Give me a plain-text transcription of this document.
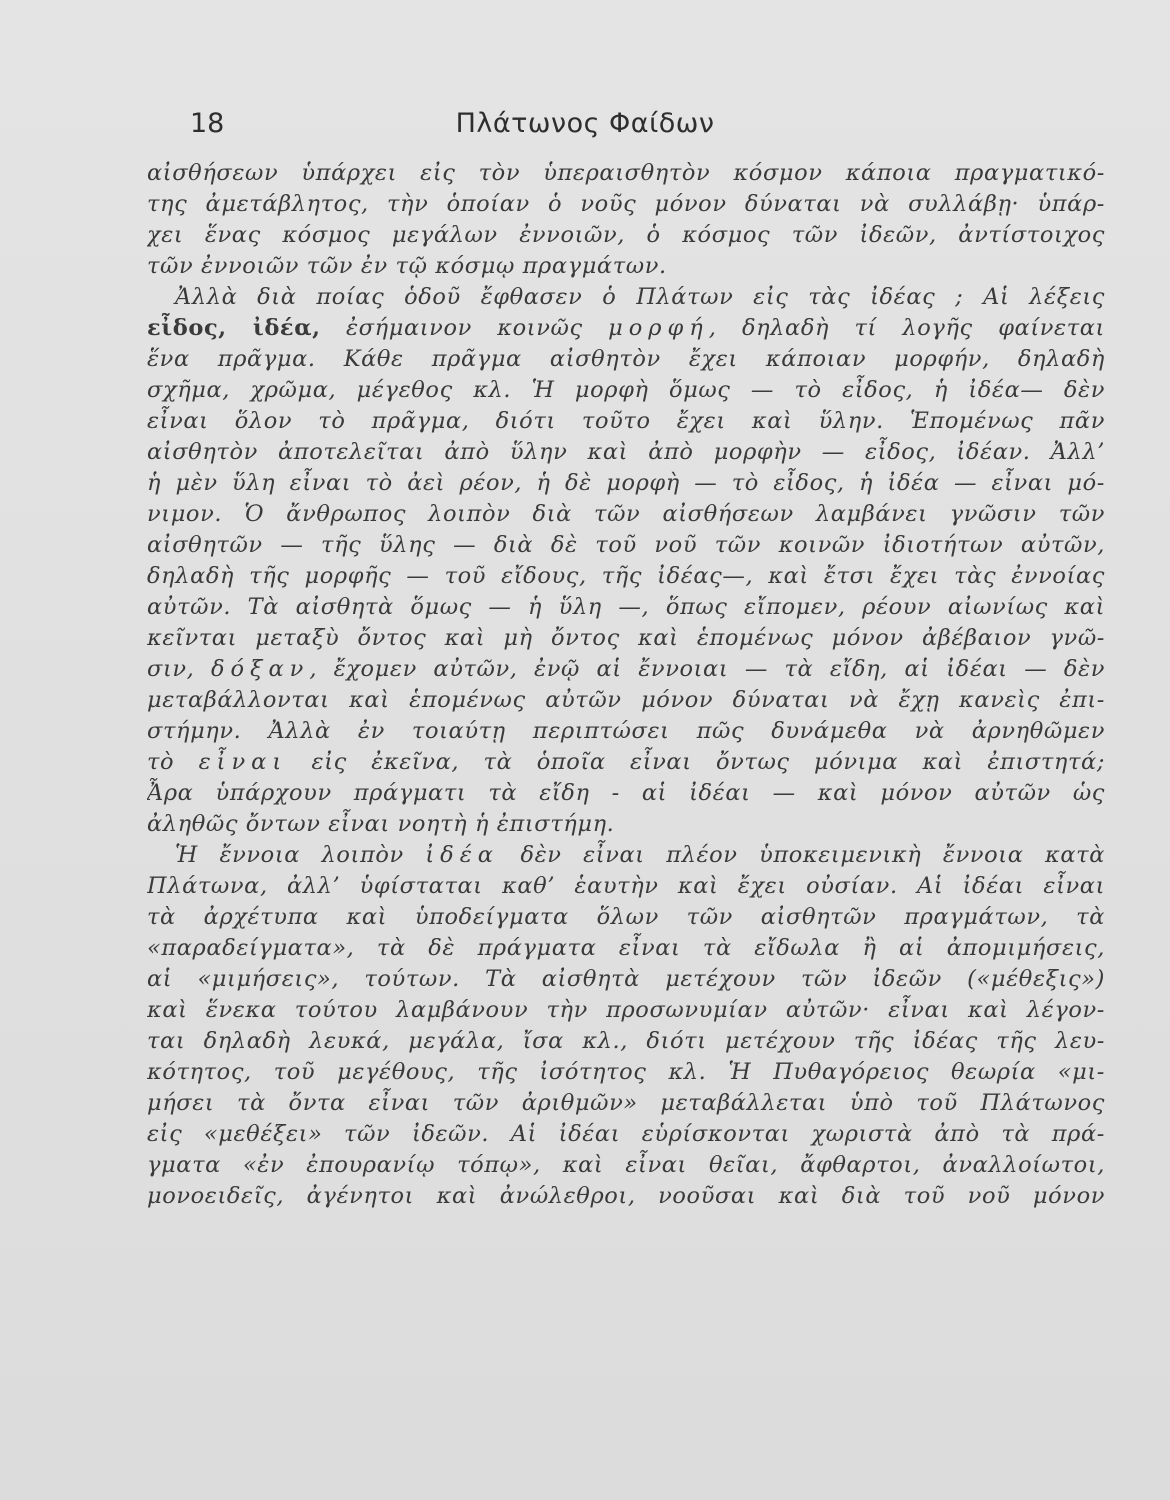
18	Πλάτωνος Φαίδων
αἰσθήσεων ὑπάρχει εἰς τὸν ὑπεραισθητὸν κόσμον κάποια πραγματικό-
της ἀμετάβλητος, τὴν ὁποίαν ὁ νοῦς μόνον δύναται νὰ συλλάβῃ· ὑπάρ-
χει ἕνας κόσμος μεγάλων ἐννοιῶν, ὁ κόσμος τῶν ἰδεῶν, ἀντίστοιχος
τῶν ἐννοιῶν τῶν ἐν τῷ κόσμῳ πραγμάτων.
Ἀλλὰ διὰ ποίας ὁδοῦ ἔφθασεν ὁ Πλάτων εἰς τὰς ἰδέας ; Αἱ λέξεις
εἶδος, ἰδέα, ἐσήμαινον κοινῶς μορφή, δηλαδὴ τί λογῆς φαίνεται
ἕνα πρᾶγμα. Κάθε πρᾶγμα αἰσθητὸν ἔχει κάποιαν μορφήν, δηλαδὴ
σχῆμα, χρῶμα, μέγεθος κλ. Ἡ μορφὴ ὅμως — τὸ εἶδος, ἡ ἰδέα— δὲν
εἶναι ὅλον τὸ πρᾶγμα, διότι τοῦτο ἔχει καὶ ὕλην. Ἑπομένως πᾶν
αἰσθητὸν ἀποτελεῖται ἀπὸ ὕλην καὶ ἀπὸ μορφὴν — εἶδος, ἰδέαν. Ἀλλ’
ἡ μὲν ὕλη εἶναι τὸ ἀεὶ ρέον, ἡ δὲ μορφὴ — τὸ εἶδος, ἡ ἰδέα — εἶναι μό-
νιμον. Ὁ ἄνθρωπος λοιπὸν διὰ τῶν αἰσθήσεων λαμβάνει γνῶσιν τῶν
αἰσθητῶν — τῆς ὕλης — διὰ δὲ τοῦ νοῦ τῶν κοινῶν ἰδιοτήτων αὐτῶν,
δηλαδὴ τῆς μορφῆς — τοῦ εἴδους, τῆς ἰδέας—, καὶ ἔτσι ἔχει τὰς ἐννοίας
αὐτῶν. Τὰ αἰσθητὰ ὅμως — ἡ ὕλη —, ὅπως εἴπομεν, ρέουν αἰωνίως καὶ
κεῖνται μεταξὺ ὄντος καὶ μὴ ὄντος καὶ ἑπομένως μόνον ἀβέβαιον γνῶ-
σιν, δόξαν, ἔχομεν αὐτῶν, ἐνῷ αἱ ἔννοιαι — τὰ εἴδη, αἱ ἰδέαι — δὲν
μεταβάλλονται καὶ ἑπομένως αὐτῶν μόνον δύναται νὰ ἔχῃ κανεὶς ἐπι-
στήμην. Ἀλλὰ ἐν τοιαύτῃ περιπτώσει πῶς δυνάμεθα νὰ ἀρνηθῶμεν
τὸ εἶναι εἰς ἐκεῖνα, τὰ ὁποῖα εἶναι ὄντως μόνιμα καὶ ἐπιστητά;
Ἆρα ὑπάρχουν πράγματι τὰ εἴδη - αἱ ἰδέαι — καὶ μόνον αὐτῶν ὡς
ἀληθῶς ὄντων εἶναι νοητὴ ἡ ἐπιστήμη.
Ἡ ἔννοια λοιπὸν ἰδέα δὲν εἶναι πλέον ὑποκειμενικὴ ἔννοια κατὰ
Πλάτωνα, ἀλλ’ ὑφίσταται καθ’ ἑαυτὴν καὶ ἔχει οὐσίαν. Αἱ ἰδέαι εἶναι
τὰ ἀρχέτυπα καὶ ὑποδείγματα ὅλων τῶν αἰσθητῶν πραγμάτων, τὰ
«παραδείγματα», τὰ δὲ πράγματα εἶναι τὰ εἴδωλα ἢ αἱ ἀπομιμήσεις,
αἱ «μιμήσεις», τούτων. Τὰ αἰσθητὰ μετέχουν τῶν ἰδεῶν («μέθεξις»)
καὶ ἕνεκα τούτου λαμβάνουν τὴν προσωνυμίαν αὐτῶν· εἶναι καὶ λέγον-
ται δηλαδὴ λευκά, μεγάλα, ἴσα κλ., διότι μετέχουν τῆς ἰδέας τῆς λευ-
κότητος, τοῦ μεγέθους, τῆς ἰσότητος κλ. Ἡ Πυθαγόρειος θεωρία «μι-
μήσει τὰ ὄντα εἶναι τῶν ἀριθμῶν» μεταβάλλεται ὑπὸ τοῦ Πλάτωνος
εἰς «μεθέξει» τῶν ἰδεῶν. Αἱ ἰδέαι εὑρίσκονται χωριστὰ ἀπὸ τὰ πρά-
γματα «ἐν ἐπουρανίῳ τόπῳ», καὶ εἶναι θεῖαι, ἄφθαρτοι, ἀναλλοίωτοι,
μονοειδεῖς, ἀγένητοι καὶ ἀνώλεθροι, νοοῦσαι καὶ διὰ τοῦ νοῦ μόνον
